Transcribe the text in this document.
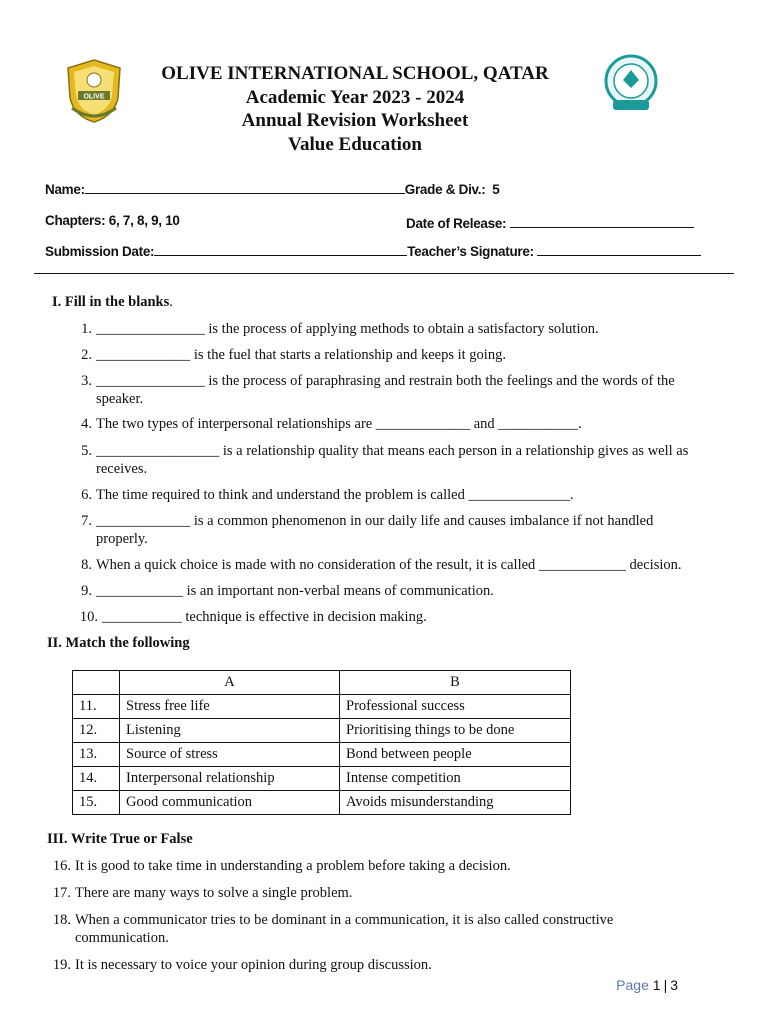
OLIVE
OLIVE INTERNATIONAL SCHOOL, QATAR
Academic Year 2023 - 2024
Annual Revision Worksheet
Value Education
Name:	Grade & Div.: 5
Chapters: 6, 7, 8, 9, 10	Date of Release:
Submission Date:	Teacher’s Signature:
I. Fill in the blanks.
1. _______________ is the process of applying methods to obtain a satisfactory solution.
2. _____________ is the fuel that starts a relationship and keeps it going.
3. _______________ is the process of paraphrasing and restrain both the feelings and the words of the speaker.
4. The two types of interpersonal relationships are _____________ and ___________.
5. _________________ is a relationship quality that means each person in a relationship gives as well as receives.
6. The time required to think and understand the problem is called ______________.
7. _____________ is a common phenomenon in our daily life and causes imbalance if not handled properly.
8. When a quick choice is made with no consideration of the result, it is called ____________ decision.
9. ____________ is an important non-verbal means of communication.
10. ___________ technique is effective in decision making.
II. Match the following
	A	B
11.	Stress free life	Professional success
12.	Listening	Prioritising things to be done
13.	Source of stress	Bond between people
14.	Interpersonal relationship	Intense competition
15.	Good communication	Avoids misunderstanding
III. Write True or False
16. It is good to take time in understanding a problem before taking a decision.
17. There are many ways to solve a single problem.
18. When a communicator tries to be dominant in a communication, it is also called constructive communication.
19. It is necessary to voice your opinion during group discussion.
Page 1 | 3
